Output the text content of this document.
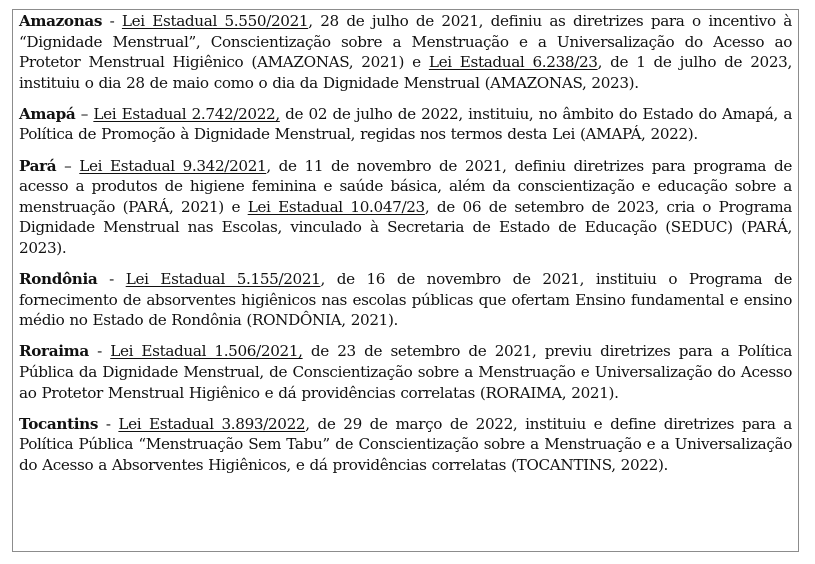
Amazonas - Lei Estadual 5.550/2021, 28 de julho de 2021, definiu as diretrizes para o incentivo à “Dignidade Menstrual”, Conscientização sobre a Menstruação e a Universalização do Acesso ao Protetor Menstrual Higiênico (AMAZONAS, 2021) e Lei Estadual 6.238/23, de 1 de julho de 2023, instituiu o dia 28 de maio como o dia da Dignidade Menstrual (AMAZONAS, 2023).

Amapá – Lei Estadual 2.742/2022, de 02 de julho de 2022, instituiu, no âmbito do Estado do Amapá, a Política de Promoção à Dignidade Menstrual, regidas nos termos desta Lei (AMAPÁ, 2022).

Pará – Lei Estadual 9.342/2021, de 11 de novembro de 2021, definiu diretrizes para programa de acesso a produtos de higiene feminina e saúde básica, além da conscientização e educação sobre a menstruação (PARÁ, 2021) e Lei Estadual 10.047/23, de 06 de setembro de 2023, cria o Programa Dignidade Menstrual nas Escolas, vinculado à Secretaria de Estado de Educação (SEDUC) (PARÁ, 2023).

Rondônia - Lei Estadual 5.155/2021, de 16 de novembro de 2021, instituiu o Programa de fornecimento de absorventes higiênicos nas escolas públicas que ofertam Ensino fundamental e ensino médio no Estado de Rondônia (RONDÔNIA, 2021).

Roraima - Lei Estadual 1.506/2021, de 23 de setembro de 2021, previu diretrizes para a Política Pública da Dignidade Menstrual, de Conscientização sobre a Menstruação e Universalização do Acesso ao Protetor Menstrual Higiênico e dá providências correlatas (RORAIMA, 2021).

Tocantins - Lei Estadual 3.893/2022, de 29 de março de 2022, instituiu e define diretrizes para a Política Pública “Menstruação Sem Tabu” de Conscientização sobre a Menstruação e a Universalização do Acesso a Absorventes Higiênicos, e dá providências correlatas (TOCANTINS, 2022).
